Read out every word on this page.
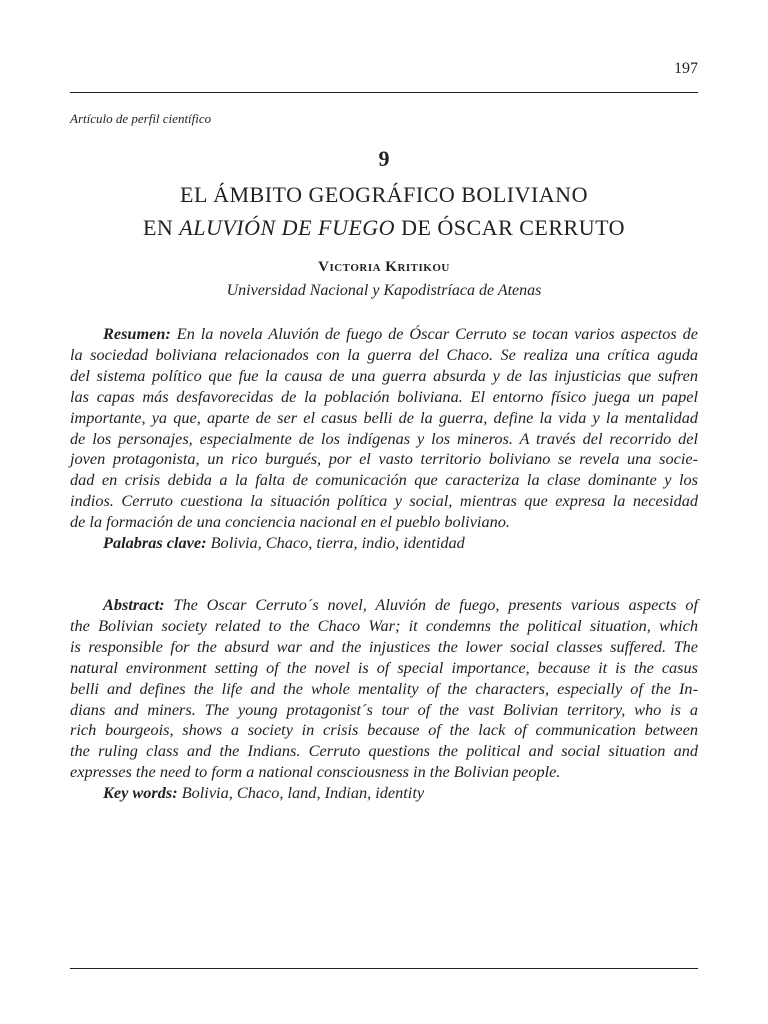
197
Artículo de perfil científico
9
EL ÁMBITO GEOGRÁFICO BOLIVIANO
EN ALUVIÓN DE FUEGO DE ÓSCAR CERRUTO
Victoria Kritikou
Universidad Nacional y Kapodistríaca de Atenas
Resumen: En la novela Aluvión de fuego de Óscar Cerruto se tocan varios aspectos de
la sociedad boliviana relacionados con la guerra del Chaco. Se realiza una crítica aguda
del sistema político que fue la causa de una guerra absurda y de las injusticias que sufren
las capas más desfavorecidas de la población boliviana. El entorno físico juega un papel
importante, ya que, aparte de ser el casus belli de la guerra, define la vida y la mentalidad
de los personajes, especialmente de los indígenas y los mineros. A través del recorrido del
joven protagonista, un rico burgués, por el vasto territorio boliviano se revela una socie-
dad en crisis debida a la falta de comunicación que caracteriza la clase dominante y los
indios. Cerruto cuestiona la situación política y social, mientras que expresa la necesidad
de la formación de una conciencia nacional en el pueblo boliviano.
Palabras clave: Bolivia, Chaco, tierra, indio, identidad
Abstract: The Oscar Cerruto´s novel, Aluvión de fuego, presents various aspects of
the Bolivian society related to the Chaco War; it condemns the political situation, which
is responsible for the absurd war and the injustices the lower social classes suffered. The
natural environment setting of the novel is of special importance, because it is the casus
belli and defines the life and the whole mentality of the characters, especially of the In-
dians and miners. The young protagonist´s tour of the vast Bolivian territory, who is a
rich bourgeois, shows a society in crisis because of the lack of communication between
the ruling class and the Indians. Cerruto questions the political and social situation and
expresses the need to form a national consciousness in the Bolivian people.
Key words: Bolivia, Chaco, land, Indian, identity
